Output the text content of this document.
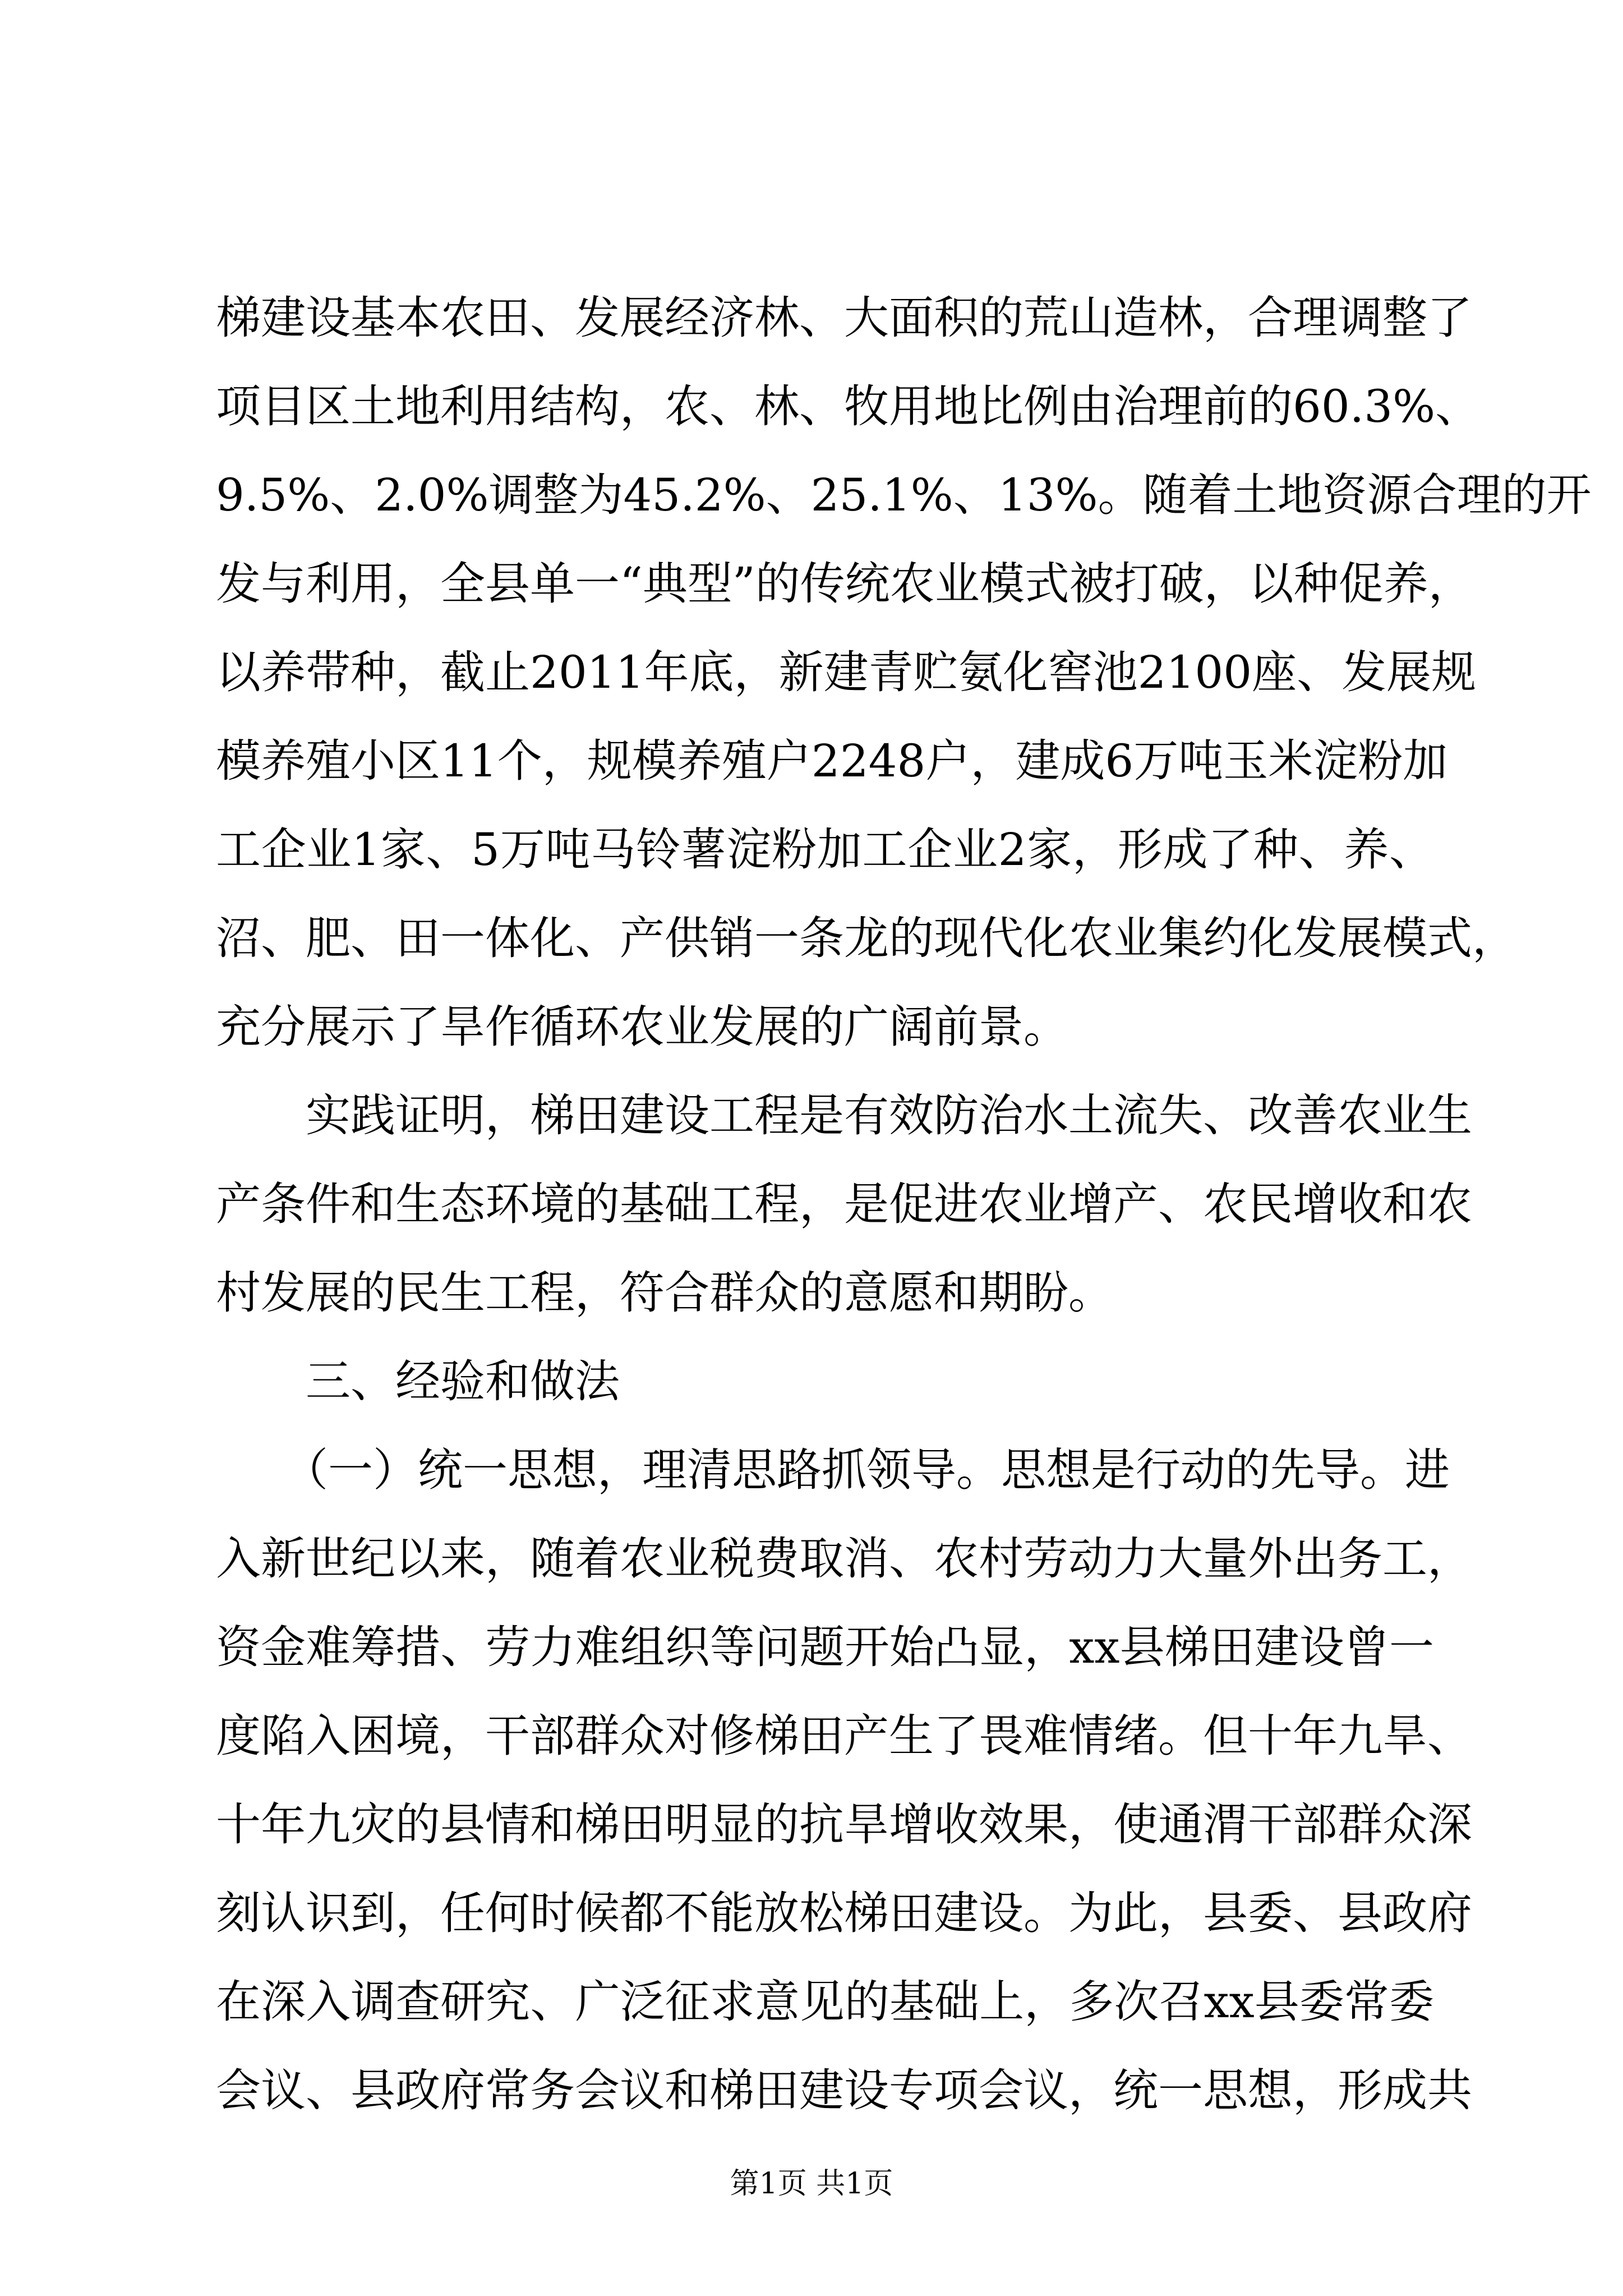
梯建设基本农田、发展经济林、大面积的荒山造林，合理调整了
项目区土地利用结构，农、林、牧用地比例由治理前的60.3%、
9.5%、2.0%调整为45.2%、25.1%、13%。随着土地资源合理的开
发与利用，全县单一“典型”的传统农业模式被打破，以种促养，
以养带种，截止2011年底，新建青贮氨化窖池2100座、发展规
模养殖小区11个，规模养殖户2248户，建成6万吨玉米淀粉加
工企业1家、5万吨马铃薯淀粉加工企业2家，形成了种、养、
沼、肥、田一体化、产供销一条龙的现代化农业集约化发展模式，
充分展示了旱作循环农业发展的广阔前景。
实践证明，梯田建设工程是有效防治水土流失、改善农业生
产条件和生态环境的基础工程，是促进农业增产、农民增收和农
村发展的民生工程，符合群众的意愿和期盼。
三、经验和做法
（一）统一思想，理清思路抓领导。思想是行动的先导。进
入新世纪以来，随着农业税费取消、农村劳动力大量外出务工，
资金难筹措、劳力难组织等问题开始凸显，xx县梯田建设曾一
度陷入困境，干部群众对修梯田产生了畏难情绪。但十年九旱、
十年九灾的县情和梯田明显的抗旱增收效果，使通渭干部群众深
刻认识到，任何时候都不能放松梯田建设。为此，县委、县政府
在深入调查研究、广泛征求意见的基础上，多次召xx县委常委
会议、县政府常务会议和梯田建设专项会议，统一思想，形成共
第1页 共1页
